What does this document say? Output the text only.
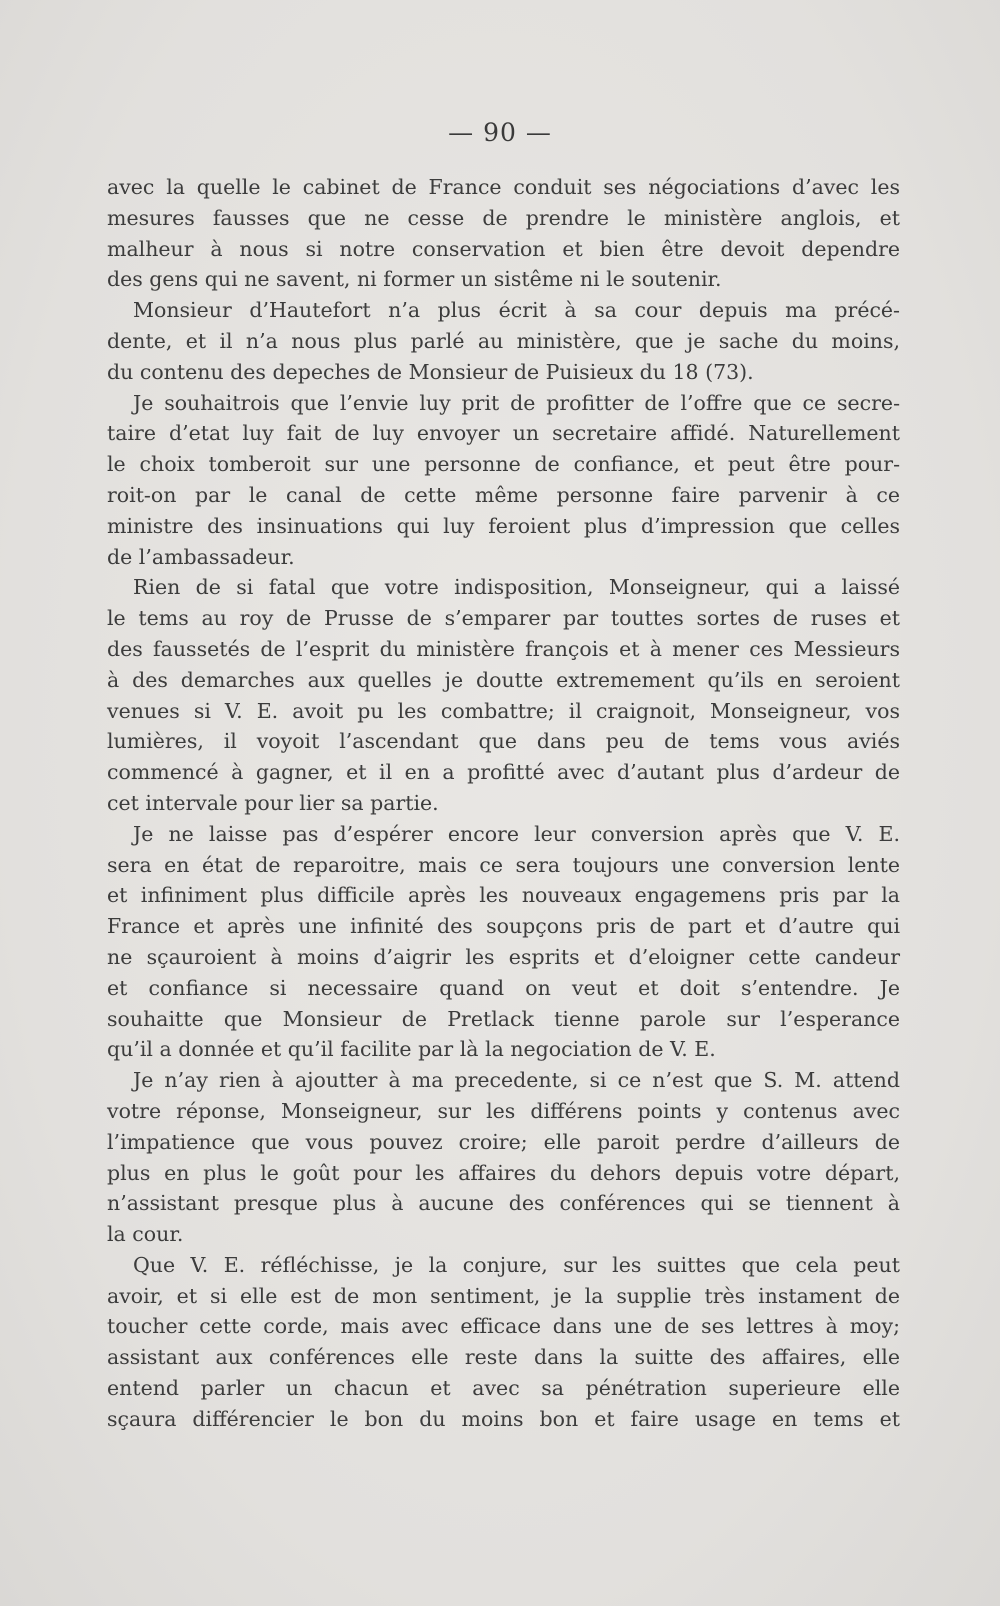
— 90 —
avec la quelle le cabinet de France conduit ses négociations d’avec les
mesures fausses que ne cesse de prendre le ministère anglois, et
malheur à nous si notre conservation et bien être devoit dependre
des gens qui ne savent, ni former un sistême ni le soutenir.
Monsieur d’Hautefort n’a plus écrit à sa cour depuis ma précé-
dente, et il n’a nous plus parlé au ministère, que je sache du moins,
du contenu des depeches de Monsieur de Puisieux du 18 (73).
Je souhaitrois que l’envie luy prit de profitter de l’offre que ce secre-
taire d’etat luy fait de luy envoyer un secretaire affidé. Naturellement
le choix tomberoit sur une personne de confiance, et peut être pour-
roit-on par le canal de cette même personne faire parvenir à ce
ministre des insinuations qui luy feroient plus d’impression que celles
de l’ambassadeur.
Rien de si fatal que votre indisposition, Monseigneur, qui a laissé
le tems au roy de Prusse de s’emparer par touttes sortes de ruses et
des faussetés de l’esprit du ministère françois et à mener ces Messieurs
à des demarches aux quelles je doutte extremement qu’ils en seroient
venues si V. E. avoit pu les combattre; il craignoit, Monseigneur, vos
lumières, il voyoit l’ascendant que dans peu de tems vous aviés
commencé à gagner, et il en a profitté avec d’autant plus d’ardeur de
cet intervale pour lier sa partie.
Je ne laisse pas d’espérer encore leur conversion après que V. E.
sera en état de reparoitre, mais ce sera toujours une conversion lente
et infiniment plus difficile après les nouveaux engagemens pris par la
France et après une infinité des soupçons pris de part et d’autre qui
ne sçauroient à moins d’aigrir les esprits et d’eloigner cette candeur
et confiance si necessaire quand on veut et doit s’entendre. Je
souhaitte que Monsieur de Pretlack tienne parole sur l’esperance
qu’il a donnée et qu’il facilite par là la negociation de V. E.
Je n’ay rien à ajoutter à ma precedente, si ce n’est que S. M. attend
votre réponse, Monseigneur, sur les différens points y contenus avec
l’impatience que vous pouvez croire; elle paroit perdre d’ailleurs de
plus en plus le goût pour les affaires du dehors depuis votre départ,
n’assistant presque plus à aucune des conférences qui se tiennent à
la cour.
Que V. E. réfléchisse, je la conjure, sur les suittes que cela peut
avoir, et si elle est de mon sentiment, je la supplie très instament de
toucher cette corde, mais avec efficace dans une de ses lettres à moy;
assistant aux conférences elle reste dans la suitte des affaires, elle
entend parler un chacun et avec sa pénétration superieure elle
sçaura différencier le bon du moins bon et faire usage en tems et
